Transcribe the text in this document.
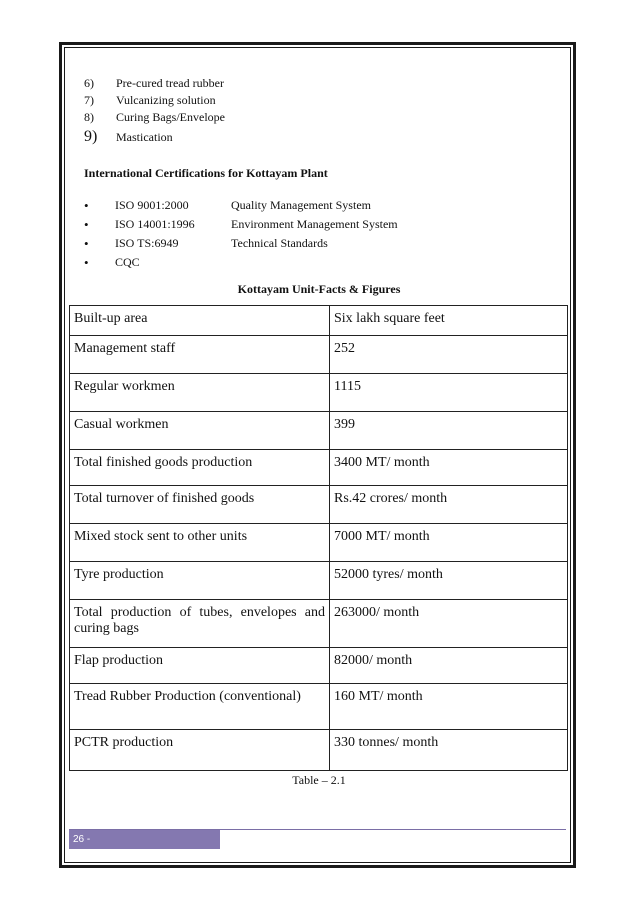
6)	Pre-cured tread rubber
7)	Vulcanizing solution
8)	Curing Bags/Envelope
9)	Mastication
International Certifications for Kottayam Plant
•	ISO 9001:2000	Quality Management System
•	ISO 14001:1996	Environment Management System
•	ISO TS:6949	Technical Standards
•	CQC
Kottayam Unit-Facts & Figures
Built-up area	Six lakh square feet
Management staff	252
Regular workmen	1115
Casual workmen	399
Total finished goods production	3400 MT/ month
Total turnover of finished goods	Rs.42 crores/ month
Mixed stock sent to other units	7000 MT/ month
Tyre production	52000 tyres/ month
Total production of tubes, envelopes and curing bags	263000/ month
Flap production	82000/ month
Tread Rubber Production (conventional)	160 MT/ month
PCTR production	330 tonnes/ month
Table – 2.1
26 -
